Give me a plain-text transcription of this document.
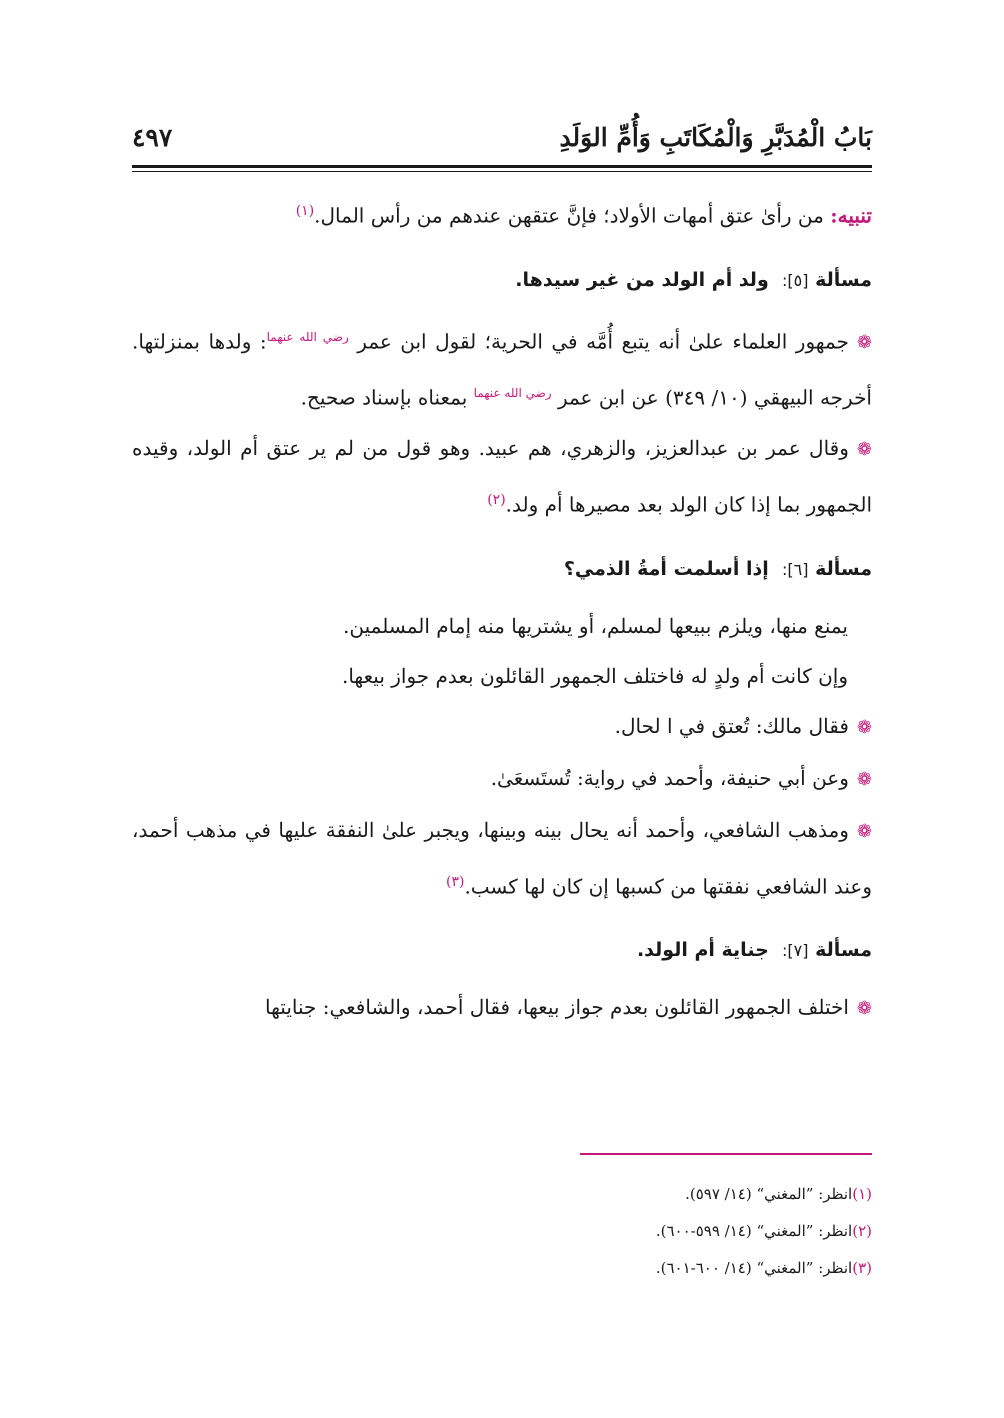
بَابُ الْمُدَبَّرِ وَالْمُكَاتَبِ وَأُمِّ الوَلَدِ
٤٩٧

تنبيه: من رأىٰ عتق أمهات الأولاد؛ فإنَّ عتقهن عندهم من رأس المال.$^{(١)}$

مسألة [٥]:  ولد أم الولد من غير سيدها.

❁جمهور العلماء علىٰ أنه يتبع أُمَّه في الحرية؛ لقول ابن عمر $^{رضي الله عنهما}$: ولدها بمنزلتها. أخرجه البيهقي (١٠/ ٣٤٩) عن ابن عمر $^{رضي الله عنهما}$ بمعناه بإسناد صحيح.

❁وقال عمر بن عبدالعزيز، والزهري، هم عبيد. وهو قول من لم ير عتق أم الولد، وقيده الجمهور بما إذا كان الولد بعد مصيرها أم ولد.$^{(٢)}$

مسألة [٦]:  إذا أسلمت أمةُ الذمي؟

يمنع منها، ويلزم ببيعها لمسلم، أو يشتريها منه إمام المسلمين.

وإن كانت أم ولدٍ له فاختلف الجمهور القائلون بعدم جواز بيعها.

❁فقال مالك: تُعتق في ا لحال.

❁وعن أبي حنيفة، وأحمد في رواية: تُستَسعَىٰ.

❁ومذهب الشافعي، وأحمد أنه يحال بينه وبينها، ويجبر علىٰ النفقة عليها في مذهب أحمد، وعند الشافعي نفقتها من كسبها إن كان لها كسب.$^{(٣)}$

مسألة [٧]:  جناية أم الولد.

❁اختلف الجمهور القائلون بعدم جواز بيعها، فقال أحمد، والشافعي: جنايتها

(١)انظر: ”المغني“ (١٤/ ٥٩٧).

(٢)انظر: ”المغني“ (١٤/ ٥٩٩-٦٠٠).

(٣)انظر: ”المغني“ (١٤/ ٦٠٠-٦٠١).
